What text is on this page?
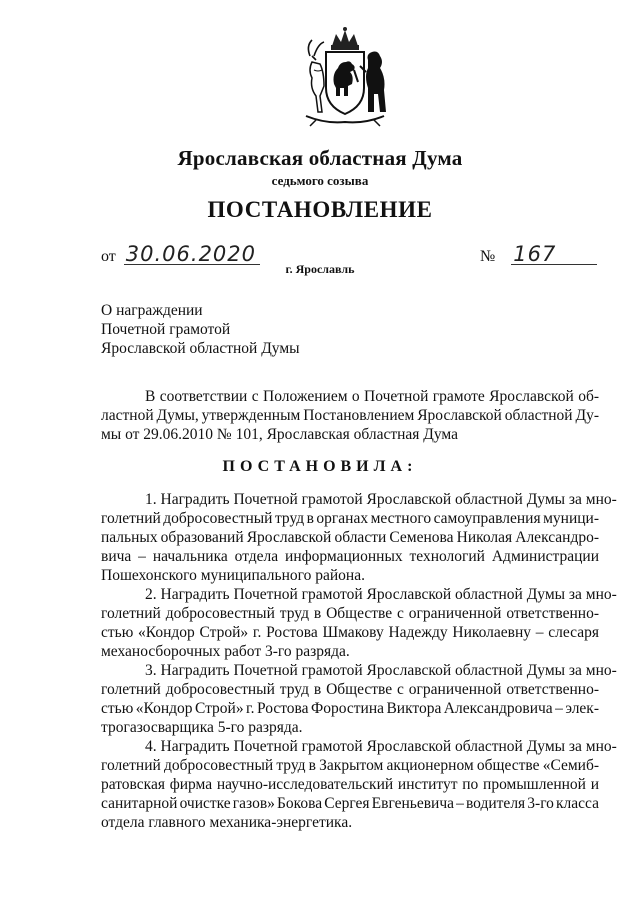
Ярославская областная Дума
седьмого созыва
ПОСТАНОВЛЕНИЕ
от 30.06.2020	№ 167
г. Ярославль
О награждении
Почетной грамотой
Ярославской областной Думы
В соответствии с Положением о Почетной грамоте Ярославской об-
ластной Думы, утвержденным Постановлением Ярославской областной Ду-
мы от 29.06.2010 № 101, Ярославская областная Дума
ПОСТАНОВИЛА:
1. Наградить Почетной грамотой Ярославской областной Думы за мно-
голетний добросовестный труд в органах местного самоуправления муници-
пальных образований Ярославской области Семенова Николая Александро-
вича – начальника отдела информационных технологий Администрации
Пошехонского муниципального района.
2. Наградить Почетной грамотой Ярославской областной Думы за мно-
голетний добросовестный труд в Обществе с ограниченной ответственно-
стью «Кондор Строй» г. Ростова Шмакову Надежду Николаевну – слесаря
механосборочных работ 3-го разряда.
3. Наградить Почетной грамотой Ярославской областной Думы за мно-
голетний добросовестный труд в Обществе с ограниченной ответственно-
стью «Кондор Строй» г. Ростова Форостина Виктора Александровича – элек-
трогазосварщика 5-го разряда.
4. Наградить Почетной грамотой Ярославской областной Думы за мно-
голетний добросовестный труд в Закрытом акционерном обществе «Семиб-
ратовская фирма научно-исследовательский институт по промышленной и
санитарной очистке газов» Бокова Сергея Евгеньевича – водителя 3-го класса
отдела главного механика-энергетика.
